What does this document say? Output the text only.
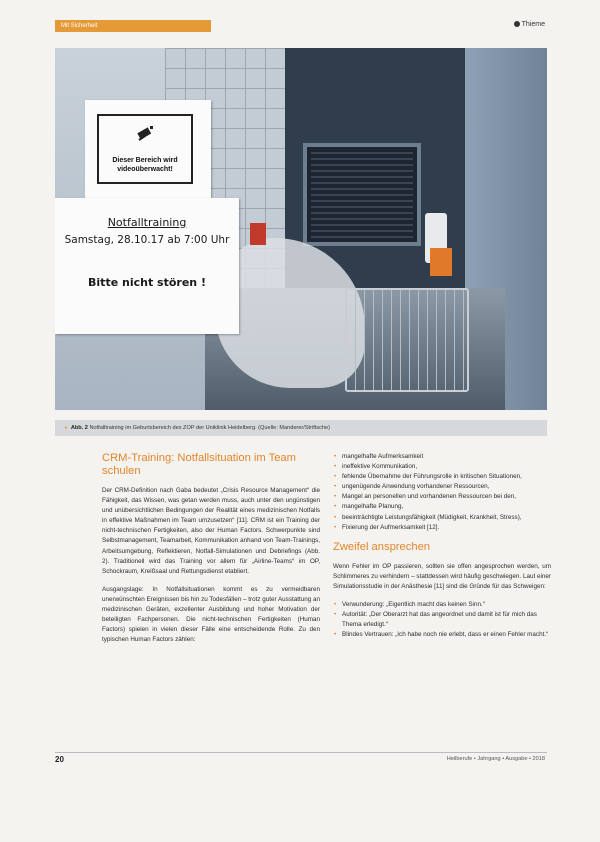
Mit Sicherheit	Thieme
Dieser Bereich wird
videoüberwacht!
Notfalltraining
Samstag, 28.10.17 ab 7:00 Uhr
Bitte nicht stören !
▸ Abb. 2 Notfalltraining im Geburtsbereich des ZOP der Uniklinik Heidelberg. (Quelle: Manderer/Striftsche)
CRM-Training: Notfallsituation im Team schulen

Der CRM-Definition nach Gaba bedeutet „Crisis Resource Management“ die Fähigkeit, das Wissen, was getan werden muss, auch unter den ungünstigen und unübersichtlichen Bedingungen der Realität eines medizinischen Notfalls in effektive Maßnahmen im Team umzusetzen“ [11]. CRM ist ein Training der nicht-technischen Fertigkeiten, also der Human Factors. Schwerpunkte sind Selbstmanagement, Teamarbeit, Kommunikation anhand von Team-Trainings, Arbeitsumgebung, Reflektieren, Notfall-Simulationen und Debriefings (Abb. 2). Traditionell wird das Training vor allem für „Airline-Teams“ im OP, Schockraum, Kreißsaal und Rettungsdienst etabliert.

Ausgangslage: In Notfallsituationen kommt es zu vermeidbaren unerwünschten Ereignissen bis hin zu Todesfällen – trotz guter Ausstattung an medizinischen Geräten, exzellenter Ausbildung und hoher Motivation der beteiligten Fachpersonen. Die nicht-technischen Fertigkeiten (Human Factors) spielen in vielen dieser Fälle eine entscheidende Rolle. Zu den typischen Human Factors zählen:

• mangelhafte Aufmerksamkeit
• ineffektive Kommunikation,
• fehlende Übernahme der Führungsrolle in kritischen Situationen,
• ungenügende Anwendung vorhandener Ressourcen,
• Mangel an personellen und vorhandenen Ressourcen bei den,
• mangelhafte Planung,
• beeinträchtigte Leistungsfähigkeit (Müdigkeit, Krankheit, Stress),
• Fixierung der Aufmerksamkeit [12].
Zweifel ansprechen

Wenn Fehler im OP passieren, sollten sie offen angesprochen werden, um Schlimmeres zu verhindern – stattdessen wird häufig geschwiegen. Laut einer Simulationsstudie in der Anästhesie [11] sind die Gründe für das Schweigen:

• Verwunderung: „Eigentlich macht das keinen Sinn.“
• Autorität: „Der Oberarzt hat das angeordnet und damit ist für mich das Thema erledigt.“
• Blindes Vertrauen: „Ich habe noch nie erlebt, dass er einen Fehler macht.“
20	Heilberufe • Jahrgang • Ausgabe • 2018
